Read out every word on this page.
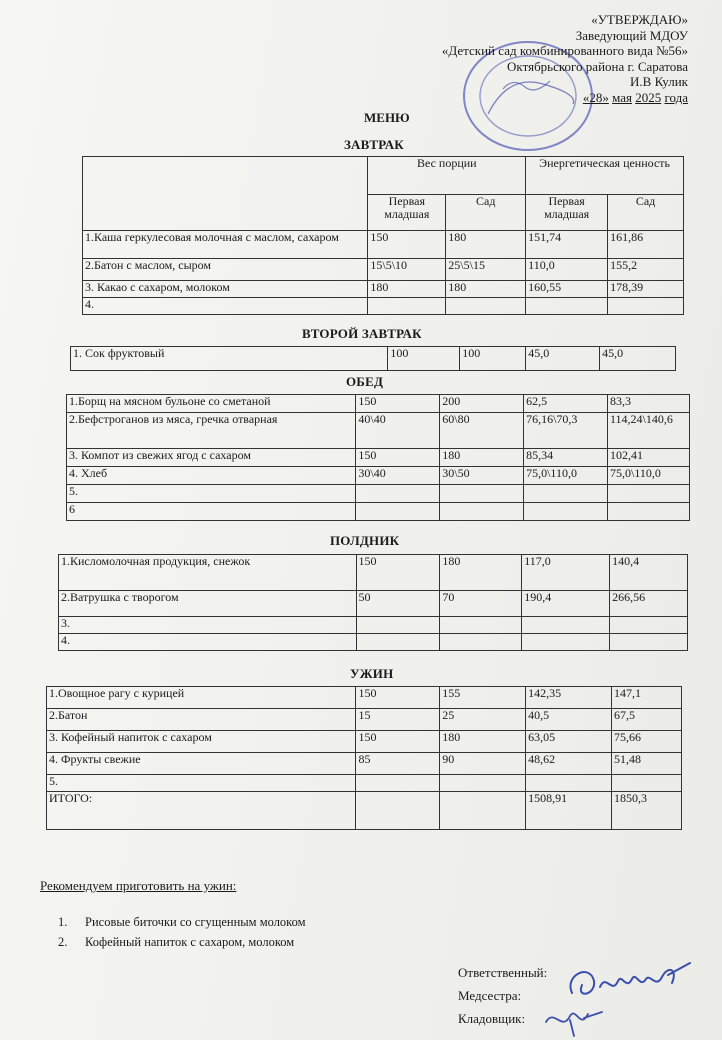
«УТВЕРЖДАЮ»
Заведующий МДОУ
«Детский сад комбинированного вида №56»
Октябрьского района г. Саратова
И.В Кулик
«28» мая 2025 года
МЕНЮ
ЗАВТРАК
	Вес порции		Энергетическая ценность	
	Первая младшая	Сад	Первая младшая	Сад
1.Каша геркулесовая молочная с маслом, сахаром	150	180	151,74	161,86
2.Батон с маслом, сыром	15\5\10	25\5\15	110,0	155,2
3. Какао с сахаром, молоком	180	180	160,55	178,39
4.				
ВТОРОЙ ЗАВТРАК
1. Сок фруктовый	100	100	45,0	45,0
ОБЕД
1.Борщ на мясном бульоне со сметаной	150	200	62,5	83,3
2.Бефстроганов из мяса, гречка отварная	40\40	60\80	76,16\70,3	114,24\140,6
3. Компот из свежих ягод с сахаром	150	180	85,34	102,41
4. Хлеб	30\40	30\50	75,0\110,0	75,0\110,0
5.				
6				
ПОЛДНИК
1.Кисломолочная продукция, снежок	150	180	117,0	140,4
2.Ватрушка с творогом	50	70	190,4	266,56
3.				
4.				
УЖИН
1.Овощное рагу с курицей	150	155	142,35	147,1
2.Батон	15	25	40,5	67,5
3. Кофейный напиток с сахаром	150	180	63,05	75,66
4. Фрукты свежие	85	90	48,62	51,48
5.				
ИТОГО:			1508,91	1850,3
Рекомендуем приготовить на ужин:
1. Рисовые биточки со сгущенным молоком
2. Кофейный напиток с сахаром, молоком
Ответственный:
Медсестра:
Кладовщик:
